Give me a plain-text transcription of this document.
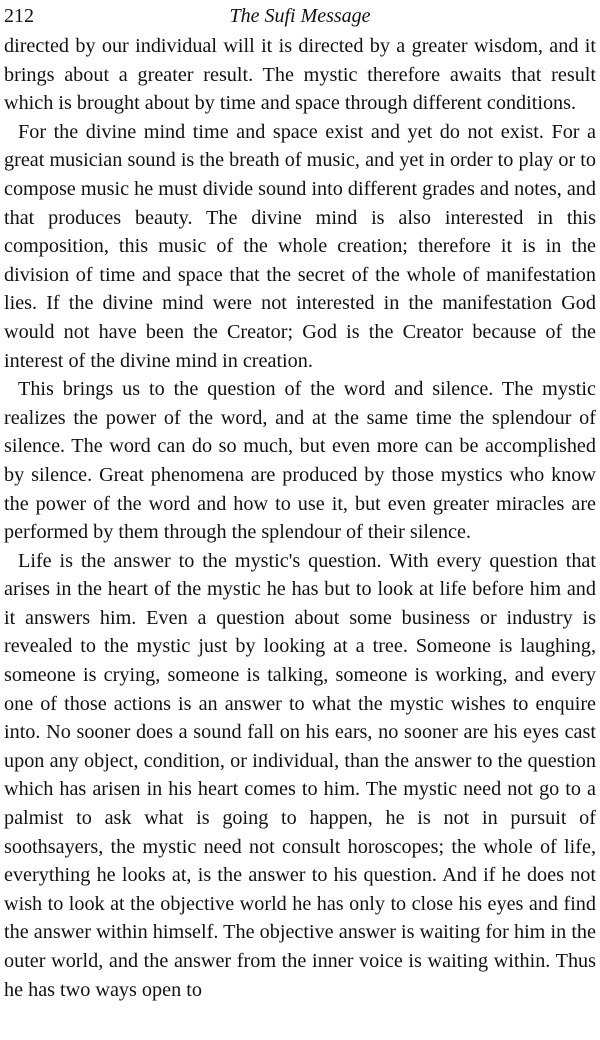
212	The Sufi Message

directed by our individual will it is directed by a greater wisdom, and it brings about a greater result. The mystic therefore awaits that result which is brought about by time and space through different conditions.

For the divine mind time and space exist and yet do not exist. For a great musician sound is the breath of music, and yet in order to play or to compose music he must divide sound into different grades and notes, and that produces beauty. The divine mind is also interested in this composition, this music of the whole creation; therefore it is in the division of time and space that the secret of the whole of manifestation lies. If the divine mind were not interested in the manifestation God would not have been the Creator; God is the Creator because of the interest of the divine mind in creation.

This brings us to the question of the word and silence. The mystic realizes the power of the word, and at the same time the splendour of silence. The word can do so much, but even more can be accomplished by silence. Great phenomena are produced by those mystics who know the power of the word and how to use it, but even greater miracles are performed by them through the splendour of their silence.

Life is the answer to the mystic's question. With every question that arises in the heart of the mystic he has but to look at life before him and it answers him. Even a question about some business or industry is revealed to the mystic just by looking at a tree. Someone is laughing, someone is crying, someone is talking, someone is working, and every one of those actions is an answer to what the mystic wishes to enquire into. No sooner does a sound fall on his ears, no sooner are his eyes cast upon any object, condition, or individual, than the answer to the question which has arisen in his heart comes to him. The mystic need not go to a palmist to ask what is going to happen, he is not in pursuit of soothsayers, the mystic need not consult horoscopes; the whole of life, everything he looks at, is the answer to his question. And if he does not wish to look at the objective world he has only to close his eyes and find the answer within himself. The objective answer is waiting for him in the outer world, and the answer from the inner voice is waiting within. Thus he has two ways open to
